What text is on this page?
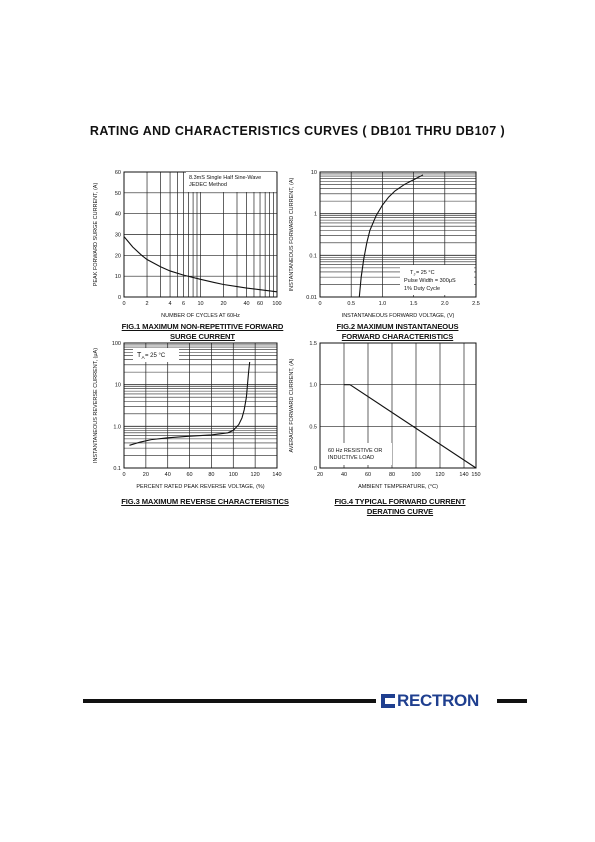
RATING AND CHARACTERISTICS CURVES ( DB101 THRU DB107 )
0	2	4 6 10	20	40 60 100
0
10
20
30
40
50
60
NUMBER OF CYCLES AT 60Hz
PEAK FORWARD SURGE CURRENT, (A)
8.3mS Single Half Sine-Wave
JEDEC Method
0	0.5	1.0	1.5	2.0	2.5
0.01
0.1
1
10
INSTANTANEOUS FORWARD VOLTAGE, (V)
INSTANTANEOUS FORWARD CURRENT, (A)	T J = 25 °C
Pulse Width = 300μS
1% Duty Cycle
0	20	40	60	80	100 120 140
0.1
1.0
10
100
PERCENT RATED PEAK REVERSE VOLTAGE, (%)
INSTANTANEOUS REVERSE CURRENT, (μA)	T A = 25 °C
20	40	60	80	100	120	140 150
0
0.5
1.0
1.5
AMBIENT TEMPERATURE, (°C)
AVERAGE FORWARD CURRENT, (A)	60 Hz RESISTIVE OR
INDUCTIVE LOAD
FIG.1 MAXIMUM NON-REPETITIVE FORWARD
SURGE CURRENT
FIG.2 MAXIMUM INSTANTANEOUS
FORWARD CHARACTERISTICS
FIG.3 MAXIMUM REVERSE CHARACTERISTICS	FIG.4 TYPICAL FORWARD CURRENT
DERATING CURVE
RECTRON
